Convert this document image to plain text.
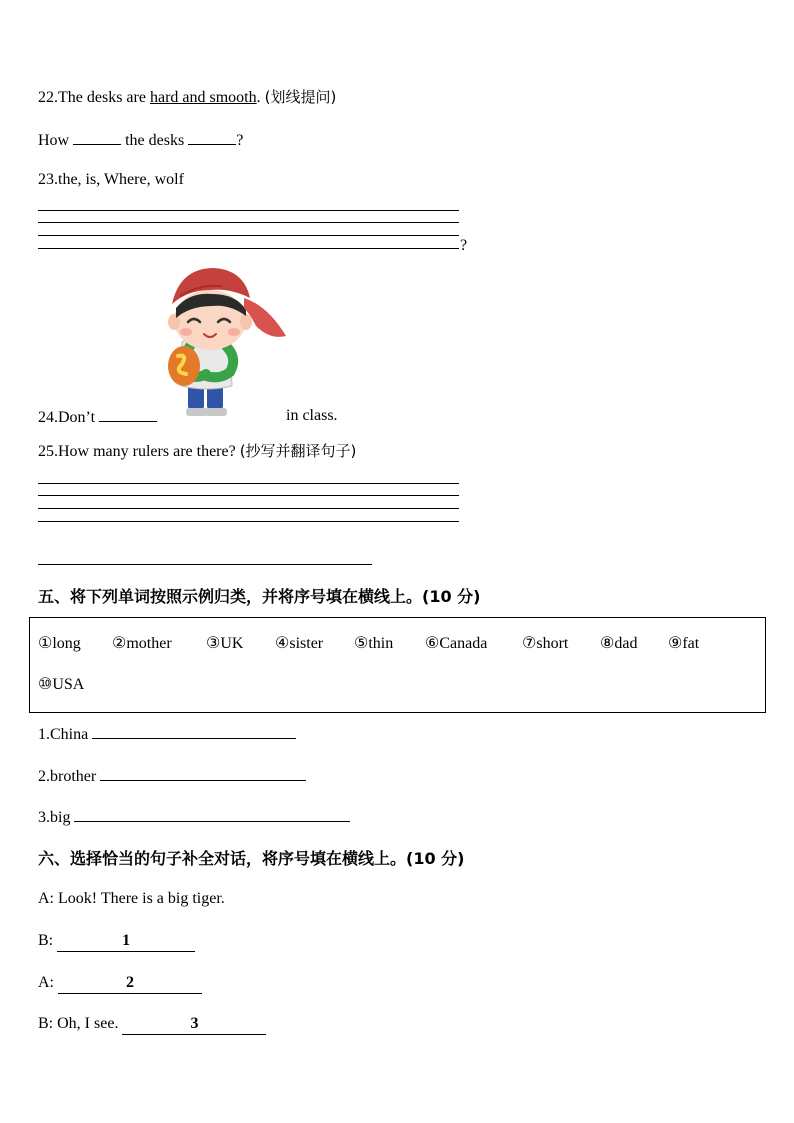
22.The desks are hard and smooth. (划线提问)
How	the desks	?
23.the, is, Where, wolf
?
24.Don’t	in class.
25.How many rulers are there? (抄写并翻译句子)
五、将下列单词按照示例归类，并将序号填在横线上。(10 分)
①long ②mother ③UK ④sister ⑤thin ⑥Canada ⑦short ⑧dad ⑨fat
⑩USA
1.China
2.brother
3.big
六、选择恰当的句子补全对话，将序号填在横线上。(10 分)
A: Look! There is a big tiger.
B:	1
A:	2
B: Oh, I see.	3
